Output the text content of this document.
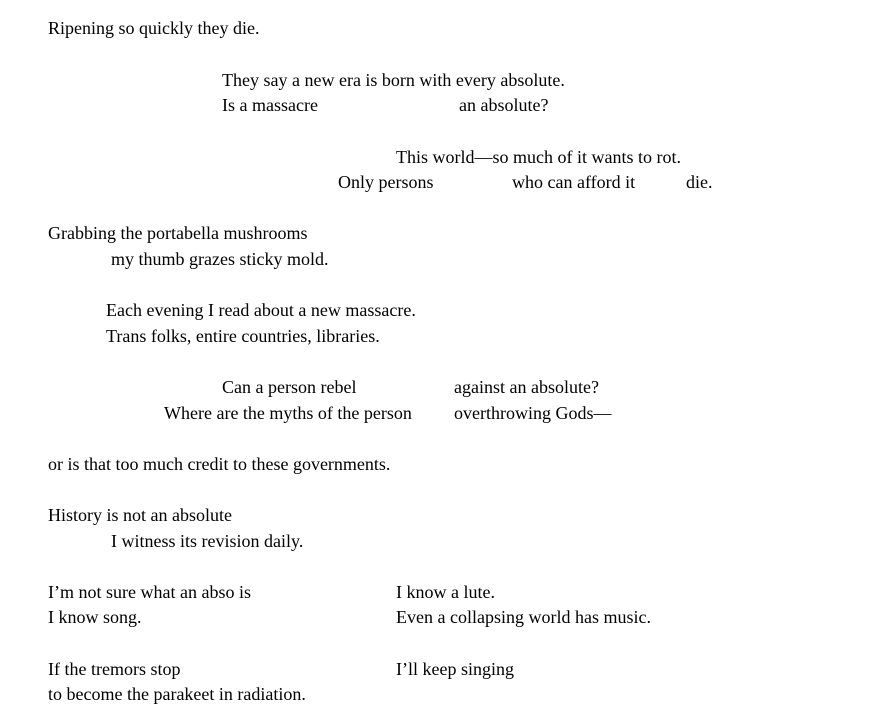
Ripening so quickly they die.

They say a new era is born with every absolute.

Is a massacre	an absolute?

This world—so much of it wants to rot.

Only persons	who can afford it	die.

Grabbing the portabella mushrooms

my thumb grazes sticky mold.

Each evening I read about a new massacre.

Trans folks, entire countries, libraries.

Can a person rebel	against an absolute?

Where are the myths of the person overthrowing Gods—

or is that too much credit to these governments.

History is not an absolute

I witness its revision daily.

I’m not sure what an abso is	I know a lute.

I know song.	Even a collapsing world has music.

If the tremors stop	I’ll keep singing

to become the parakeet in radiation.
